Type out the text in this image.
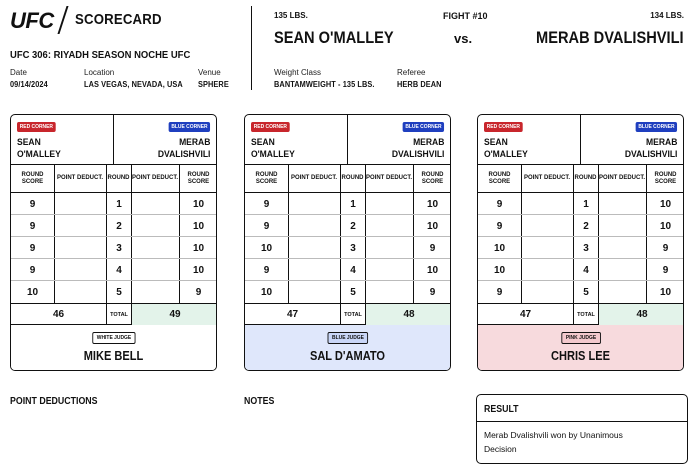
UFC SCORECARD
UFC 306: RIYADH SEASON NOCHE UFC
Date
09/14/2024
Location
LAS VEGAS, NEVADA, USA
Venue
SPHERE
135 LBS.	FIGHT #10	134 LBS.
SEAN O'MALLEY	vs.	MERAB DVALISHVILI
Weight Class
BANTAMWEIGHT - 135 LBS.
Referee
HERB DEAN
RED CORNER	BLUE CORNER
SEAN
O'MALLEY
MERAB
DVALISHVILI
ROUND SCORE
POINT DEDUCT. ROUND POINT DEDUCT.
ROUND SCORE
9	1	10
9	2	10
9	3	10
9	4	10
10	5	9
46	TOTAL	49
WHITE JUDGE
MIKE BELL
RED CORNER	BLUE CORNER
SEAN
O'MALLEY
MERAB
DVALISHVILI
ROUND SCORE
POINT DEDUCT. ROUND POINT DEDUCT.
ROUND SCORE
9	1	10
9	2	10
10	3	9
9	4	10
10	5	9
47	TOTAL	48
BLUE JUDGE
SAL D'AMATO
RED CORNER	BLUE CORNER
SEAN
O'MALLEY
MERAB
DVALISHVILI
ROUND SCORE
POINT DEDUCT. ROUND POINT DEDUCT.
ROUND SCORE
9	1	10
9	2	10
10	3	9
10	4	9
9	5	10
47	TOTAL	48
PINK JUDGE
CHRIS LEE
POINT DEDUCTIONS	NOTES
RESULT
Merab Dvalishvili won by Unanimous Decision
